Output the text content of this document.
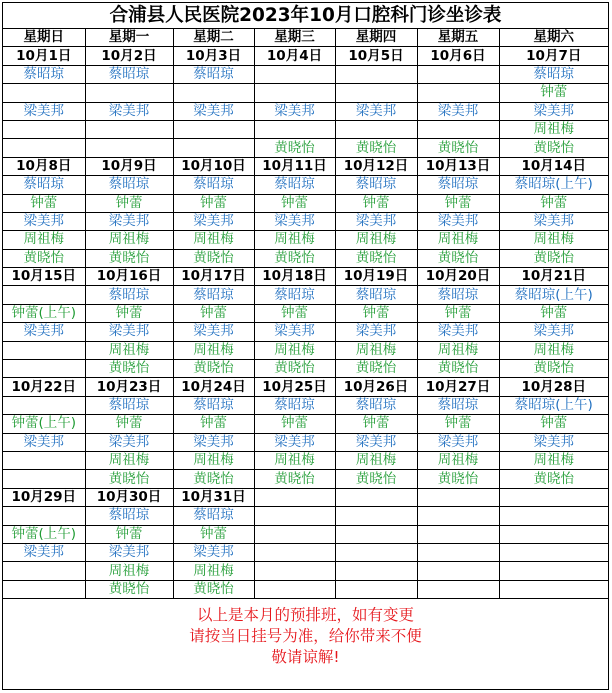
合浦县人民医院2023年10月口腔科门诊坐诊表
星期日	星期一	星期二	星期三	星期四	星期五	星期六
10月1日	10月2日	10月3日	10月4日	10月5日	10月6日	10月7日
蔡昭琼	蔡昭琼	蔡昭琼				蔡昭琼
						钟蕾
梁美邦	梁美邦	梁美邦	梁美邦	梁美邦	梁美邦	梁美邦
						周祖梅
			黄晓怡	黄晓怡	黄晓怡	黄晓怡
10月8日	10月9日	10月10日	10月11日	10月12日	10月13日	10月14日
蔡昭琼	蔡昭琼	蔡昭琼	蔡昭琼	蔡昭琼	蔡昭琼	蔡昭琼(上午)
钟蕾	钟蕾	钟蕾	钟蕾	钟蕾	钟蕾	钟蕾
梁美邦	梁美邦	梁美邦	梁美邦	梁美邦	梁美邦	梁美邦
周祖梅	周祖梅	周祖梅	周祖梅	周祖梅	周祖梅	周祖梅
黄晓怡	黄晓怡	黄晓怡	黄晓怡	黄晓怡	黄晓怡	黄晓怡
10月15日	10月16日	10月17日	10月18日	10月19日	10月20日	10月21日
	蔡昭琼	蔡昭琼	蔡昭琼	蔡昭琼	蔡昭琼	蔡昭琼(上午)
钟蕾(上午)	钟蕾	钟蕾	钟蕾	钟蕾	钟蕾	钟蕾
梁美邦	梁美邦	梁美邦	梁美邦	梁美邦	梁美邦	梁美邦
	周祖梅	周祖梅	周祖梅	周祖梅	周祖梅	周祖梅
	黄晓怡	黄晓怡	黄晓怡	黄晓怡	黄晓怡	黄晓怡
10月22日	10月23日	10月24日	10月25日	10月26日	10月27日	10月28日
	蔡昭琼	蔡昭琼	蔡昭琼	蔡昭琼	蔡昭琼	蔡昭琼(上午)
钟蕾(上午)	钟蕾	钟蕾	钟蕾	钟蕾	钟蕾	钟蕾
梁美邦	梁美邦	梁美邦	梁美邦	梁美邦	梁美邦	梁美邦
	周祖梅	周祖梅	周祖梅	周祖梅	周祖梅	周祖梅
	黄晓怡	黄晓怡	黄晓怡	黄晓怡	黄晓怡	黄晓怡
10月29日	10月30日	10月31日				
	蔡昭琼	蔡昭琼				
钟蕾(上午)	钟蕾	钟蕾				
梁美邦	梁美邦	梁美邦				
	周祖梅	周祖梅				
	黄晓怡	黄晓怡				
以上是本月的预排班，如有变更
请按当日挂号为准，给你带来不便
敬请谅解!
